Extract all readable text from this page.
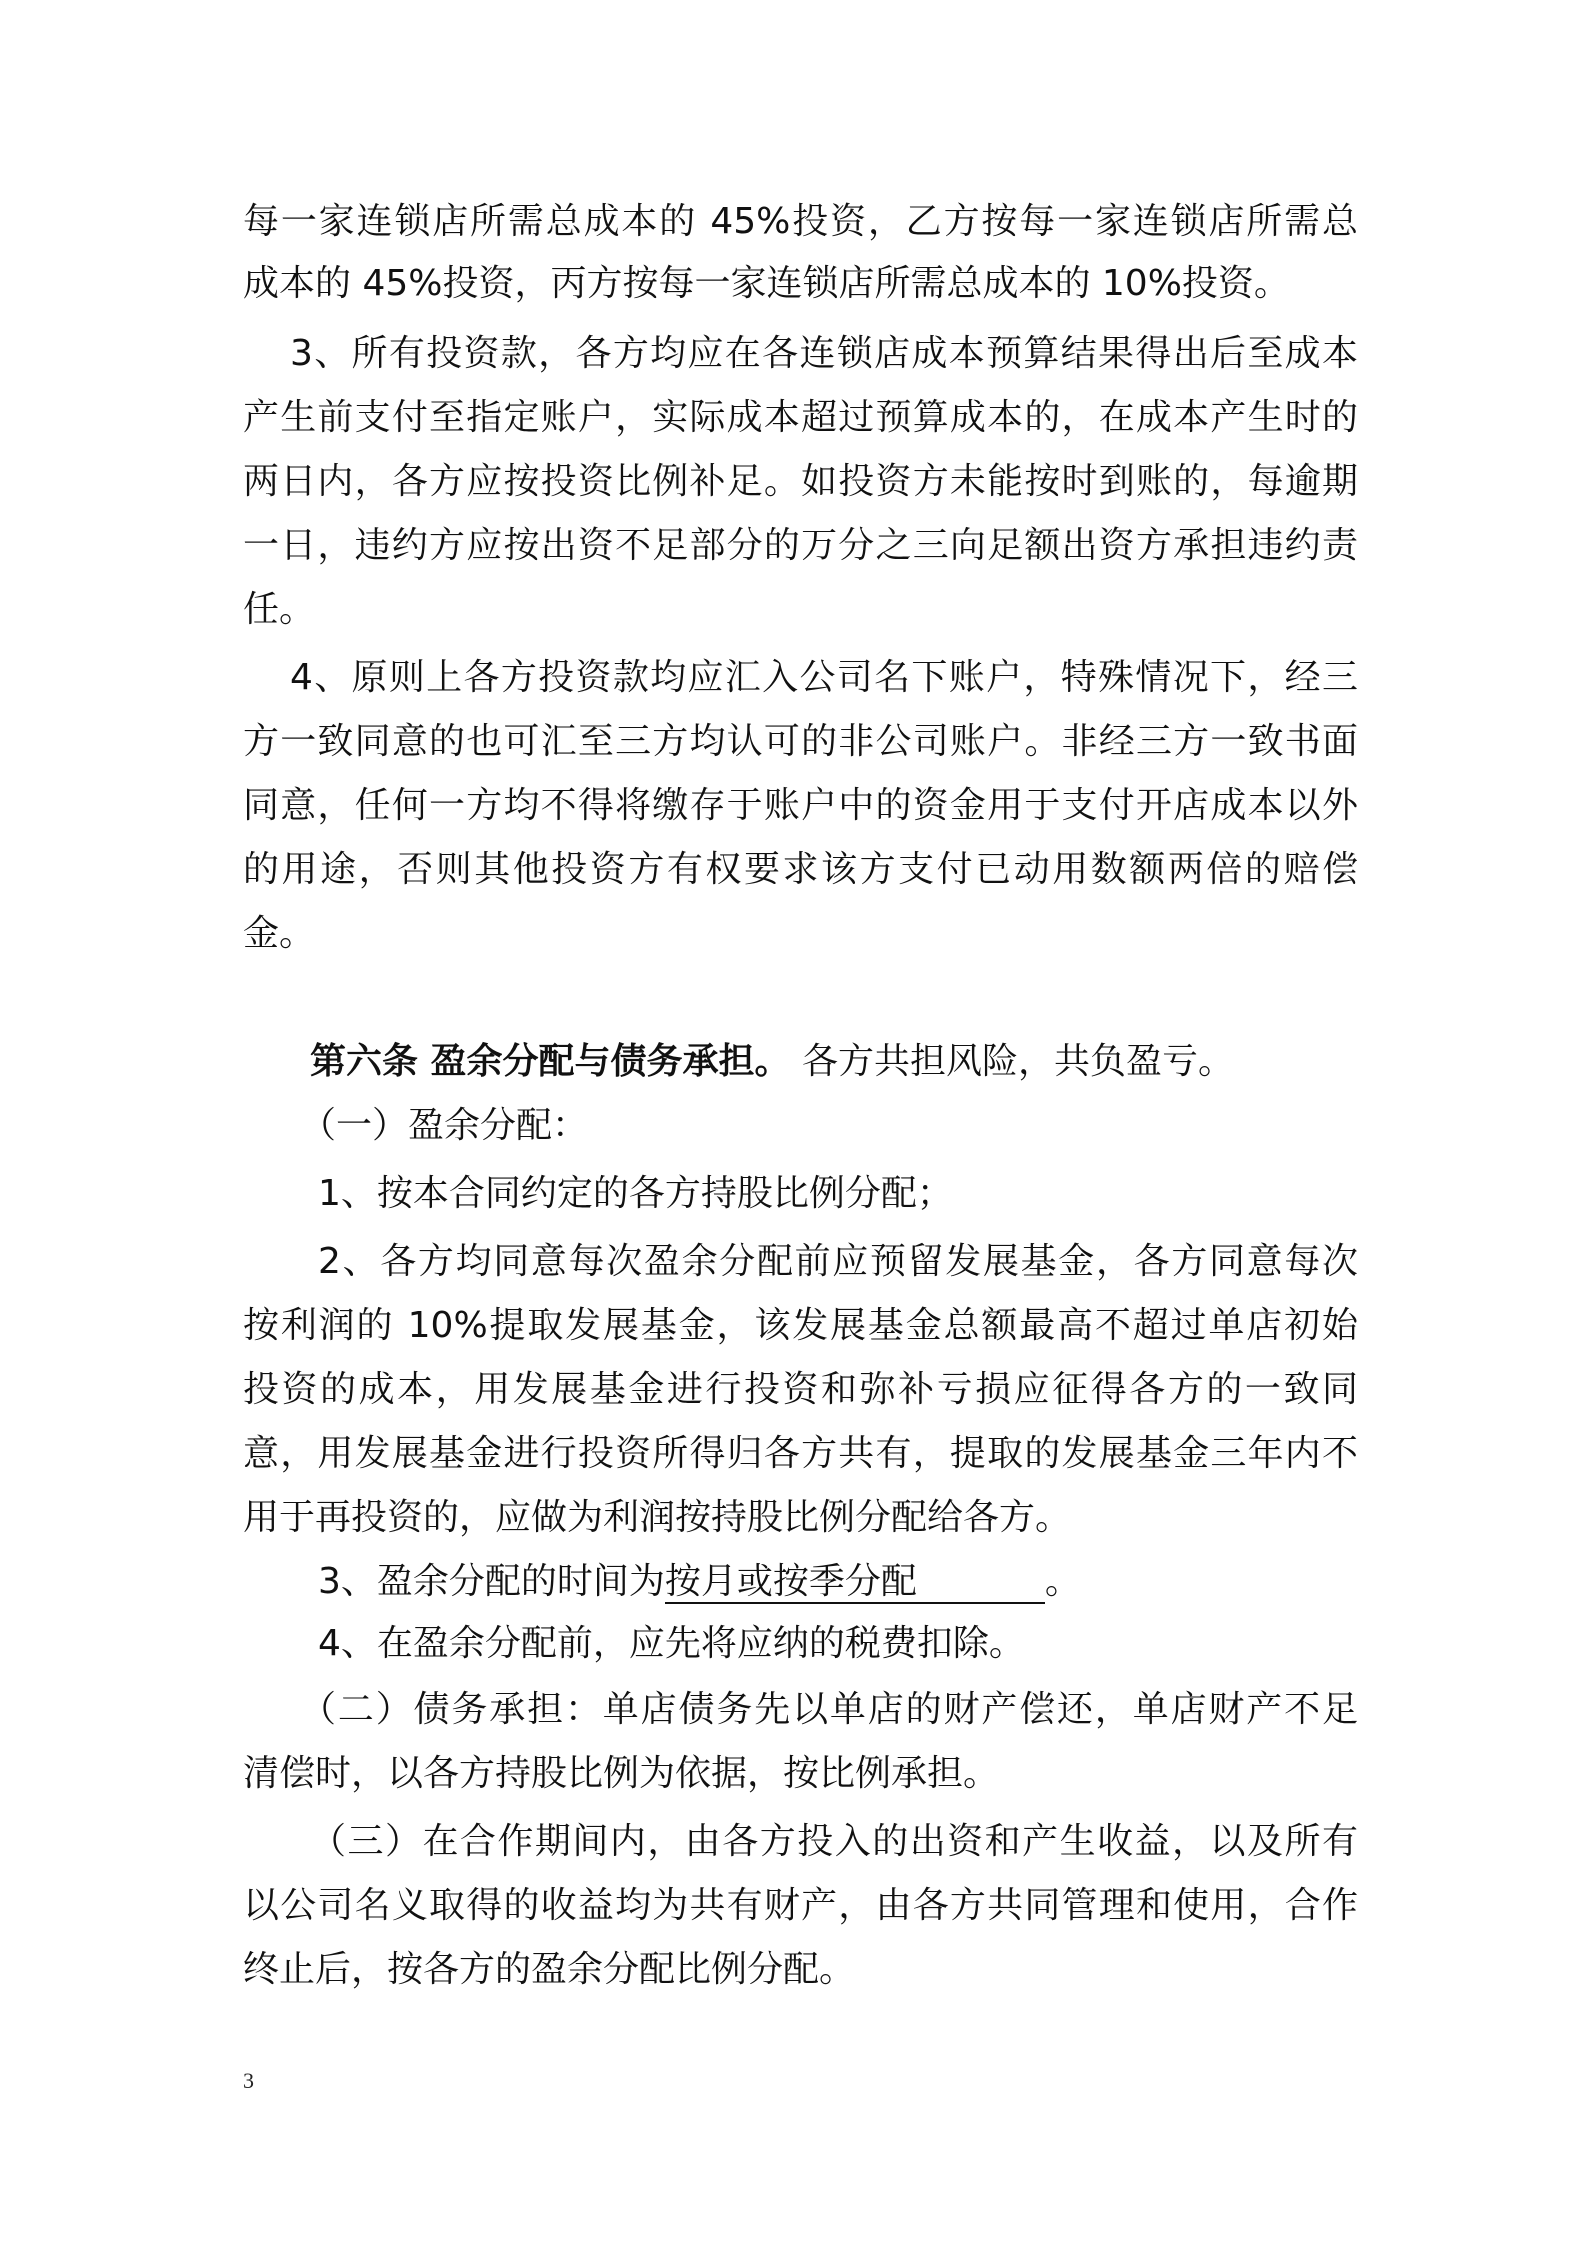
每一家连锁店所需总成本的 45%投资，乙方按每一家连锁店所需总
成本的 45%投资，丙方按每一家连锁店所需总成本的 10%投资。
3、所有投资款，各方均应在各连锁店成本预算结果得出后至成本
产生前支付至指定账户，实际成本超过预算成本的，在成本产生时的
两日内，各方应按投资比例补足。如投资方未能按时到账的，每逾期
一日，违约方应按出资不足部分的万分之三向足额出资方承担违约责
任。
4、原则上各方投资款均应汇入公司名下账户，特殊情况下，经三
方一致同意的也可汇至三方均认可的非公司账户。非经三方一致书面
同意，任何一方均不得将缴存于账户中的资金用于支付开店成本以外
的用途，否则其他投资方有权要求该方支付已动用数额两倍的赔偿
金。
第六条 盈余分配与债务承担。 各方共担风险，共负盈亏。
（一）盈余分配：
1、按本合同约定的各方持股比例分配；
2、各方均同意每次盈余分配前应预留发展基金，各方同意每次
按利润的 10%提取发展基金，该发展基金总额最高不超过单店初始
投资的成本，用发展基金进行投资和弥补亏损应征得各方的一致同
意，用发展基金进行投资所得归各方共有，提取的发展基金三年内不
用于再投资的，应做为利润按持股比例分配给各方。
3、盈余分配的时间为按月或按季分配	。
4、在盈余分配前，应先将应纳的税费扣除。
（二）债务承担：单店债务先以单店的财产偿还，单店财产不足
清偿时，以各方持股比例为依据，按比例承担。
（三）在合作期间内，由各方投入的出资和产生收益，以及所有
以公司名义取得的收益均为共有财产，由各方共同管理和使用，合作
终止后，按各方的盈余分配比例分配。
3
